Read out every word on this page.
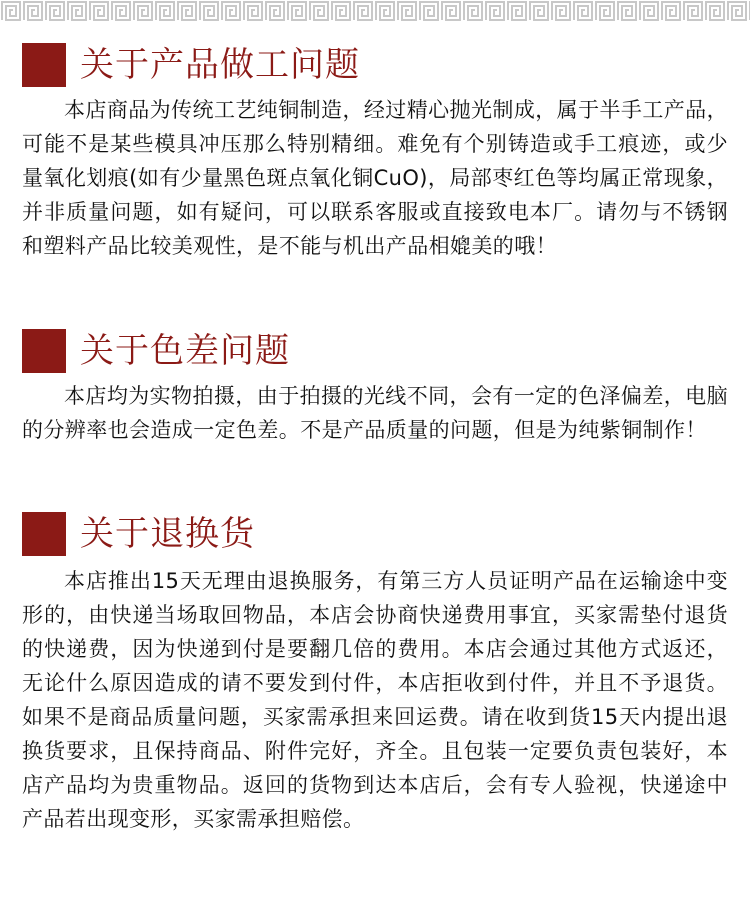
关于产品做工问题
本店商品为传统工艺纯铜制造，经过精心抛光制成，属于半手工产品，可能不是某些模具冲压那么特别精细。难免有个别铸造或手工痕迹，或少量氧化划痕(如有少量黑色斑点氧化铜CuO)，局部枣红色等均属正常现象，并非质量问题，如有疑问，可以联系客服或直接致电本厂。请勿与不锈钢和塑料产品比较美观性，是不能与机出产品相媲美的哦！
关于色差问题
本店均为实物拍摄，由于拍摄的光线不同，会有一定的色泽偏差，电脑的分辨率也会造成一定色差。不是产品质量的问题，但是为纯紫铜制作！
关于退换货
本店推出15天无理由退换服务，有第三方人员证明产品在运输途中变形的，由快递当场取回物品，本店会协商快递费用事宜，买家需垫付退货的快递费，因为快递到付是要翻几倍的费用。本店会通过其他方式返还，无论什么原因造成的请不要发到付件，本店拒收到付件，并且不予退货。如果不是商品质量问题，买家需承担来回运费。请在收到货15天内提出退换货要求，且保持商品、附件完好，齐全。且包装一定要负责包装好，本店产品均为贵重物品。返回的货物到达本店后，会有专人验视，快递途中产品若出现变形，买家需承担赔偿。
